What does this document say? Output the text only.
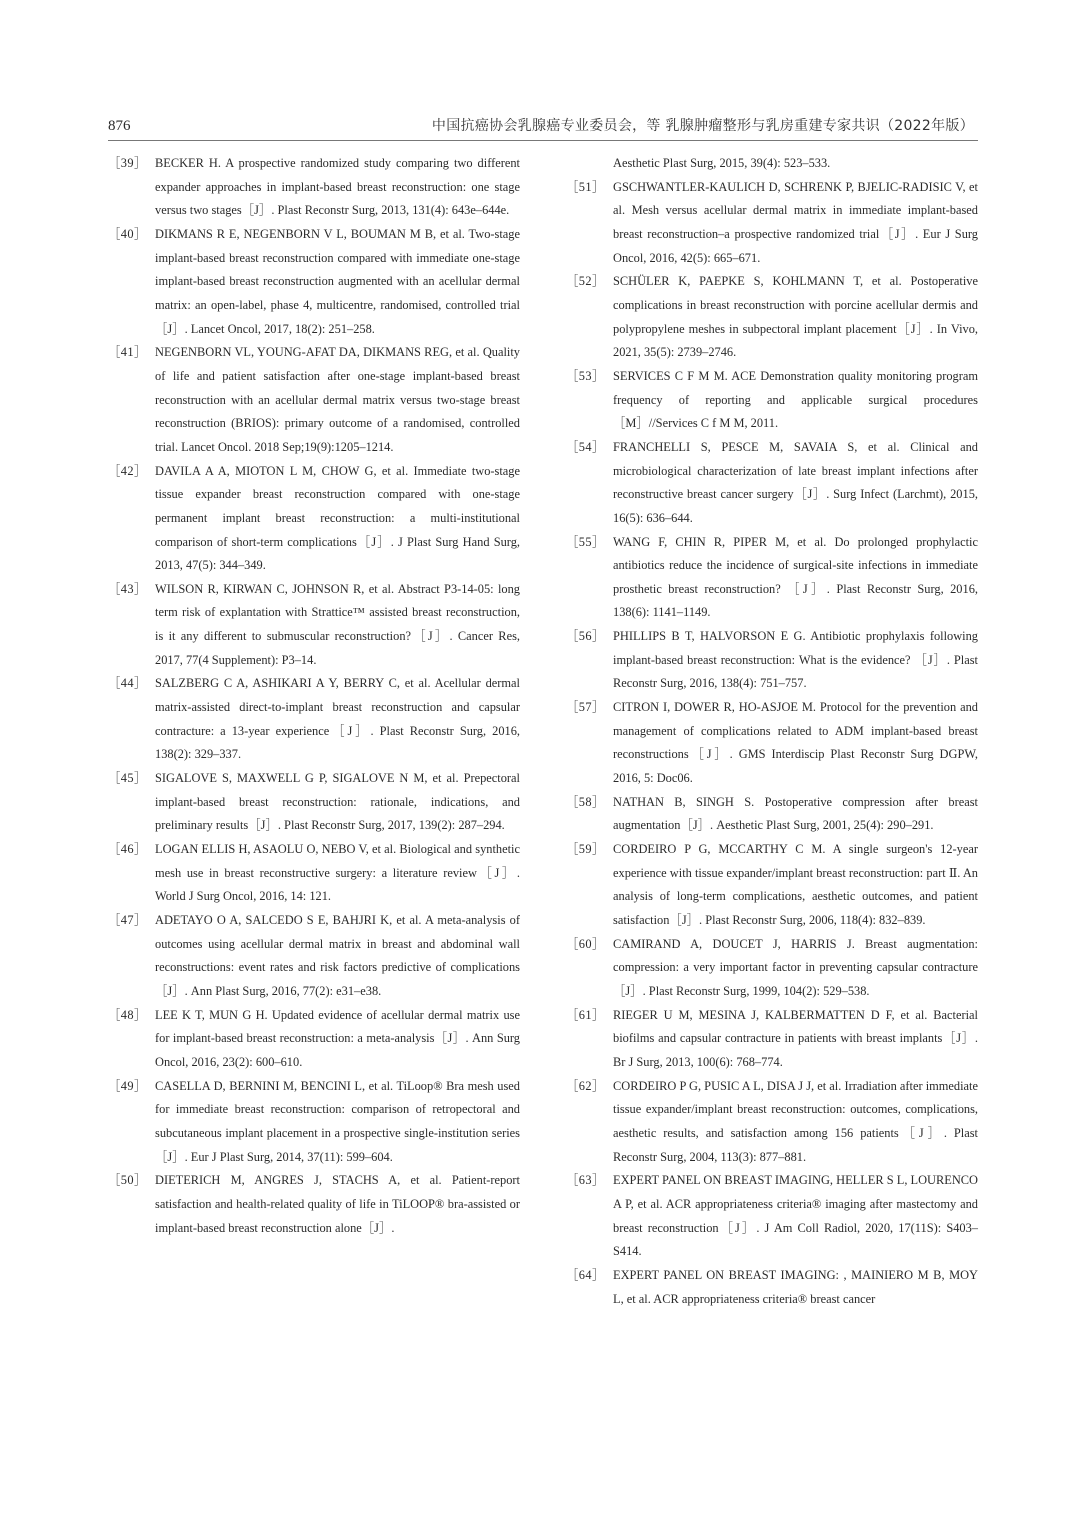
876	中国抗癌协会乳腺癌专业委员会，等 乳腺肿瘤整形与乳房重建专家共识（2022年版）
［39］ BECKER H. A prospective randomized study comparing two different expander approaches in implant-based breast reconstruction: one stage versus two stages［J］. Plast Reconstr Surg, 2013, 131(4): 643e–644e.
［40］ DIKMANS R E, NEGENBORN V L, BOUMAN M B, et al. Two-stage implant-based breast reconstruction compared with immediate one-stage implant-based breast reconstruction augmented with an acellular dermal matrix: an open-label, phase 4, multicentre, randomised, controlled trial［J］. Lancet Oncol, 2017, 18(2): 251–258.
［41］ NEGENBORN VL, YOUNG-AFAT DA, DIKMANS REG, et al. Quality of life and patient satisfaction after one-stage implant-based breast reconstruction with an acellular dermal matrix versus two-stage breast reconstruction (BRIOS): primary outcome of a randomised, controlled trial. Lancet Oncol. 2018 Sep;19(9):1205–1214.
［42］ DAVILA A A, MIOTON L M, CHOW G, et al. Immediate two-stage tissue expander breast reconstruction compared with one-stage permanent implant breast reconstruction: a multi-institutional comparison of short-term complications［J］. J Plast Surg Hand Surg, 2013, 47(5): 344–349.
［43］ WILSON R, KIRWAN C, JOHNSON R, et al. Abstract P3-14-05: long term risk of explantation with Strattice™ assisted breast reconstruction, is it any different to submuscular reconstruction?［J］. Cancer Res, 2017, 77(4 Supplement): P3–14.
［44］ SALZBERG C A, ASHIKARI A Y, BERRY C, et al. Acellular dermal matrix-assisted direct-to-implant breast reconstruction and capsular contracture: a 13-year experience［J］. Plast Reconstr Surg, 2016, 138(2): 329–337.
［45］ SIGALOVE S, MAXWELL G P, SIGALOVE N M, et al. Prepectoral implant-based breast reconstruction: rationale, indications, and preliminary results［J］. Plast Reconstr Surg, 2017, 139(2): 287–294.
［46］ LOGAN ELLIS H, ASAOLU O, NEBO V, et al. Biological and synthetic mesh use in breast reconstructive surgery: a literature review［J］. World J Surg Oncol, 2016, 14: 121.
［47］ ADETAYO O A, SALCEDO S E, BAHJRI K, et al. A meta-analysis of outcomes using acellular dermal matrix in breast and abdominal wall reconstructions: event rates and risk factors predictive of complications［J］. Ann Plast Surg, 2016, 77(2): e31–e38.
［48］ LEE K T, MUN G H. Updated evidence of acellular dermal matrix use for implant-based breast reconstruction: a meta-analysis［J］. Ann Surg Oncol, 2016, 23(2): 600–610.
［49］ CASELLA D, BERNINI M, BENCINI L, et al. TiLoop® Bra mesh used for immediate breast reconstruction: comparison of retropectoral and subcutaneous implant placement in a prospective single-institution series［J］. Eur J Plast Surg, 2014, 37(11): 599–604.
［50］ DIETERICH M, ANGRES J, STACHS A, et al. Patient-report satisfaction and health-related quality of life in TiLOOP® bra-assisted or implant-based breast reconstruction alone［J］.
Aesthetic Plast Surg, 2015, 39(4): 523–533.
［51］ GSCHWANTLER-KAULICH D, SCHRENK P, BJELIC-RADISIC V, et al. Mesh versus acellular dermal matrix in immediate implant-based breast reconstruction–a prospective randomized trial［J］. Eur J Surg Oncol, 2016, 42(5): 665–671.
［52］ SCHÜLER K, PAEPKE S, KOHLMANN T, et al. Postoperative complications in breast reconstruction with porcine acellular dermis and polypropylene meshes in subpectoral implant placement［J］. In Vivo, 2021, 35(5): 2739–2746.
［53］ SERVICES C F M M. ACE Demonstration quality monitoring program frequency of reporting and applicable surgical procedures［M］//Services C f M M, 2011.
［54］ FRANCHELLI S, PESCE M, SAVAIA S, et al. Clinical and microbiological characterization of late breast implant infections after reconstructive breast cancer surgery［J］. Surg Infect (Larchmt), 2015, 16(5): 636–644.
［55］ WANG F, CHIN R, PIPER M, et al. Do prolonged prophylactic antibiotics reduce the incidence of surgical-site infections in immediate prosthetic breast reconstruction? ［J］. Plast Reconstr Surg, 2016, 138(6): 1141–1149.
［56］ PHILLIPS B T, HALVORSON E G. Antibiotic prophylaxis following implant-based breast reconstruction: What is the evidence? ［J］. Plast Reconstr Surg, 2016, 138(4): 751–757.
［57］ CITRON I, DOWER R, HO-ASJOE M. Protocol for the prevention and management of complications related to ADM implant-based breast reconstructions［J］. GMS Interdiscip Plast Reconstr Surg DGPW, 2016, 5: Doc06.
［58］ NATHAN B, SINGH S. Postoperative compression after breast augmentation［J］. Aesthetic Plast Surg, 2001, 25(4): 290–291.
［59］ CORDEIRO P G, MCCARTHY C M. A single surgeon's 12-year experience with tissue expander/implant breast reconstruction: part Ⅱ. An analysis of long-term complications, aesthetic outcomes, and patient satisfaction［J］. Plast Reconstr Surg, 2006, 118(4): 832–839.
［60］ CAMIRAND A, DOUCET J, HARRIS J. Breast augmentation: compression: a very important factor in preventing capsular contracture［J］. Plast Reconstr Surg, 1999, 104(2): 529–538.
［61］ RIEGER U M, MESINA J, KALBERMATTEN D F, et al. Bacterial biofilms and capsular contracture in patients with breast implants［J］. Br J Surg, 2013, 100(6): 768–774.
［62］ CORDEIRO P G, PUSIC A L, DISA J J, et al. Irradiation after immediate tissue expander/implant breast reconstruction: outcomes, complications, aesthetic results, and satisfaction among 156 patients［J］. Plast Reconstr Surg, 2004, 113(3): 877–881.
［63］ EXPERT PANEL ON BREAST IMAGING, HELLER S L, LOURENCO A P, et al. ACR appropriateness criteria® imaging after mastectomy and breast reconstruction［J］. J Am Coll Radiol, 2020, 17(11S): S403–S414.
［64］ EXPERT PANEL ON BREAST IMAGING: , MAINIERO M B, MOY L, et al. ACR appropriateness criteria® breast cancer
